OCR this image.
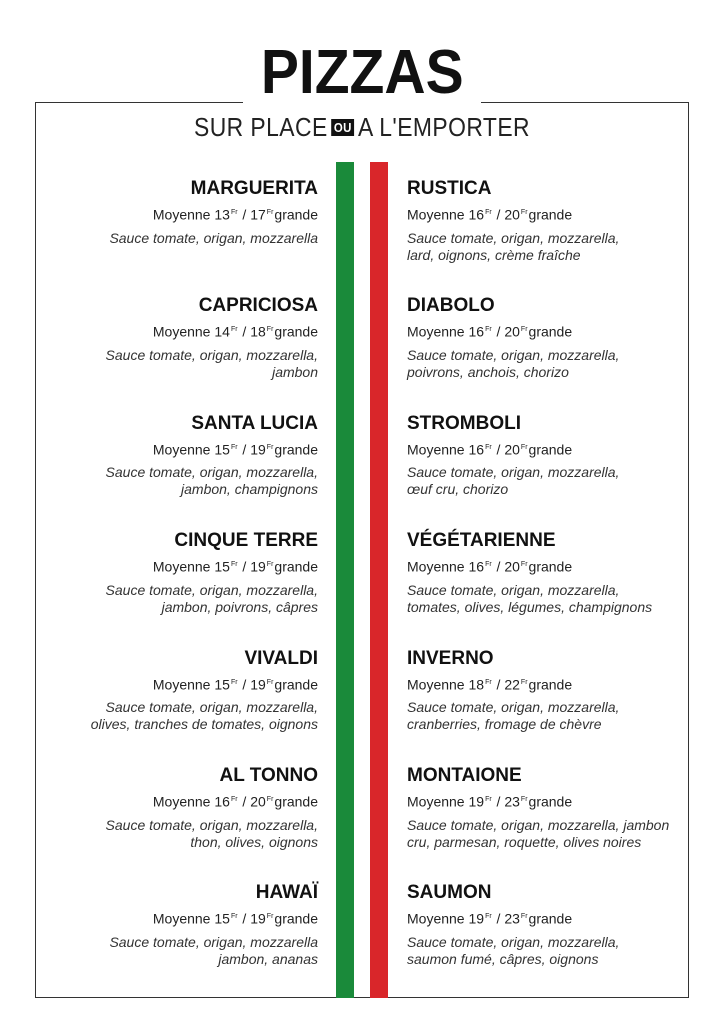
PIZZAS
SUR PLACE OU A L'EMPORTER
MARGUERITA
Moyenne $13^{Fr}$ / $17^{Fr}grande$
Sauce tomate, origan, mozzarella
CAPRICIOSA
Moyenne $14^{Fr}$ / $18^{Fr}grande$
Sauce tomate, origan, mozzarella,
jambon
SANTA LUCIA
Moyenne $15^{Fr}$ / $19^{Fr}grande$
Sauce tomate, origan, mozzarella,
jambon, champignons
CINQUE TERRE
Moyenne $15^{Fr}$ / $19^{Fr}grande$
Sauce tomate, origan, mozzarella,
jambon, poivrons, câpres
VIVALDI
Moyenne $15^{Fr}$ / $19^{Fr}grande$
Sauce tomate, origan, mozzarella,
olives, tranches de tomates, oignons
AL TONNO
Moyenne $16^{Fr}$ / $20^{Fr}grande$
Sauce tomate, origan, mozzarella,
thon, olives, oignons
HAWAÏ
Moyenne $15^{Fr}$ / $19^{Fr}grande$
Sauce tomate, origan, mozzarella
jambon, ananas
RUSTICA
Moyenne $16^{Fr}$ / $20^{Fr}grande$
Sauce tomate, origan, mozzarella,
lard, oignons, crème fraîche
DIABOLO
Moyenne $16^{Fr}$ / $20^{Fr}grande$
Sauce tomate, origan, mozzarella,
poivrons, anchois, chorizo
STROMBOLI
Moyenne $16^{Fr}$ / $20^{Fr}grande$
Sauce tomate, origan, mozzarella,
œuf cru, chorizo
VÉGÉTARIENNE
Moyenne $16^{Fr}$ / $20^{Fr}grande$
Sauce tomate, origan, mozzarella,
tomates, olives, légumes, champignons
INVERNO
Moyenne $18^{Fr}$ / $22^{Fr}grande$
Sauce tomate, origan, mozzarella,
cranberries, fromage de chèvre
MONTAIONE
Moyenne $19^{Fr}$ / $23^{Fr}grande$
Sauce tomate, origan, mozzarella, jambon
cru, parmesan, roquette, olives noires
SAUMON
Moyenne $19^{Fr}$ / $23^{Fr}grande$
Sauce tomate, origan, mozzarella,
saumon fumé, câpres, oignons
